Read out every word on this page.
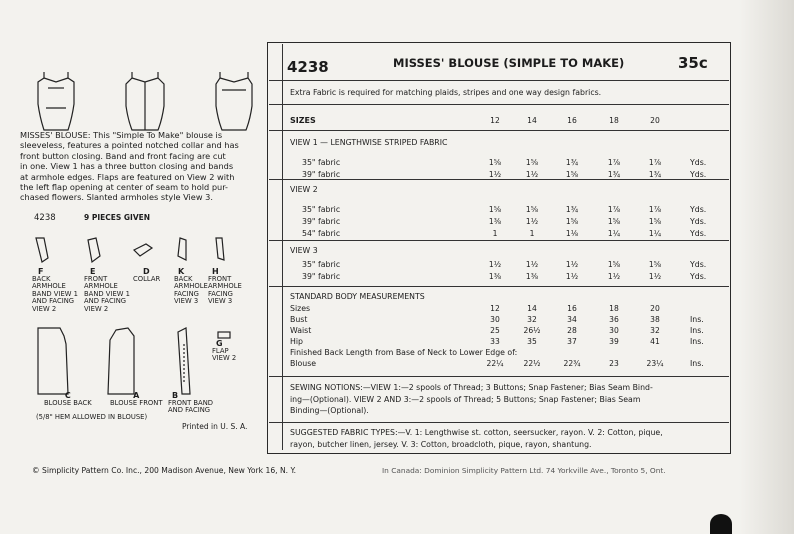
MISSES' BLOUSE: This "Simple To Make" blouse is
sleeveless, features a pointed notched collar and has
front button closing. Band and front facing are cut
in one. View 1 has a three button closing and bands
at armhole edges. Flaps are featured on View 2 with
the left flap opening at center of seam to hold pur-
chased flowers. Slanted armholes style View 3.
4238	9 PIECES GIVEN
F
BACK
ARMHOLE
BAND VIEW 1
AND FACING
VIEW 2
E
FRONT
ARMHOLE
BAND VIEW 1
AND FACING
VIEW 2
D
COLLAR
K
BACK
ARMHOLE
FACING
VIEW 3
H
FRONT
ARMHOLE
FACING
VIEW 3
C
BLOUSE BACK
A
BLOUSE FRONT
B
FRONT BAND
AND FACING
G
FLAP
VIEW 2
(5/8" HEM ALLOWED IN BLOUSE)
Printed in U. S. A.
4238	MISSES' BLOUSE (SIMPLE TO MAKE)	35c
Extra Fabric is required for matching plaids, stripes and one way design fabrics.
SIZES	12	14	16	18	20
VIEW 1 — LENGTHWISE STRIPED FABRIC
35" fabric	1⅝	1⅝	1¾	1⅞	1⅞	Yds.
39" fabric	1½	1½	1⅝	1¾	1¾	Yds.
VIEW 2
35" fabric	1⅝	1⅝	1¾	1⅞	1⅞	Yds.
39" fabric	1⅜	1½	1⅝	1⅝	1⅝	Yds.
54" fabric	1	1	1⅛	1¼	1¼	Yds.
VIEW 3
35" fabric	1½	1½	1½	1⅝	1⅝	Yds.
39" fabric	1⅜	1⅜	1½	1½	1½	Yds.
STANDARD BODY MEASUREMENTS
Sizes	12	14	16	18	20
Bust	30	32	34	36	38	Ins.
Waist	25	26½	28	30	32	Ins.
Hip	33	35	37	39	41	Ins.
Finished Back Length from Base of Neck to Lower Edge of:
Blouse	22¼	22½	22¾	23	23¼	Ins.
SEWING NOTIONS:—VIEW 1:—2 spools of Thread; 3 Buttons; Snap Fastener; Bias Seam Bind-
ing—(Optional). VIEW 2 AND 3:—2 spools of Thread; 5 Buttons; Snap Fastener; Bias Seam
Binding—(Optional).
SUGGESTED FABRIC TYPES:—V. 1: Lengthwise st. cotton, seersucker, rayon. V. 2: Cotton, pique,
rayon, butcher linen, jersey. V. 3: Cotton, broadcloth, pique, rayon, shantung.
© Simplicity Pattern Co. Inc., 200 Madison Avenue, New York 16, N. Y.	In Canada: Dominion Simplicity Pattern Ltd. 74 Yorkville Ave., Toronto 5, Ont.
